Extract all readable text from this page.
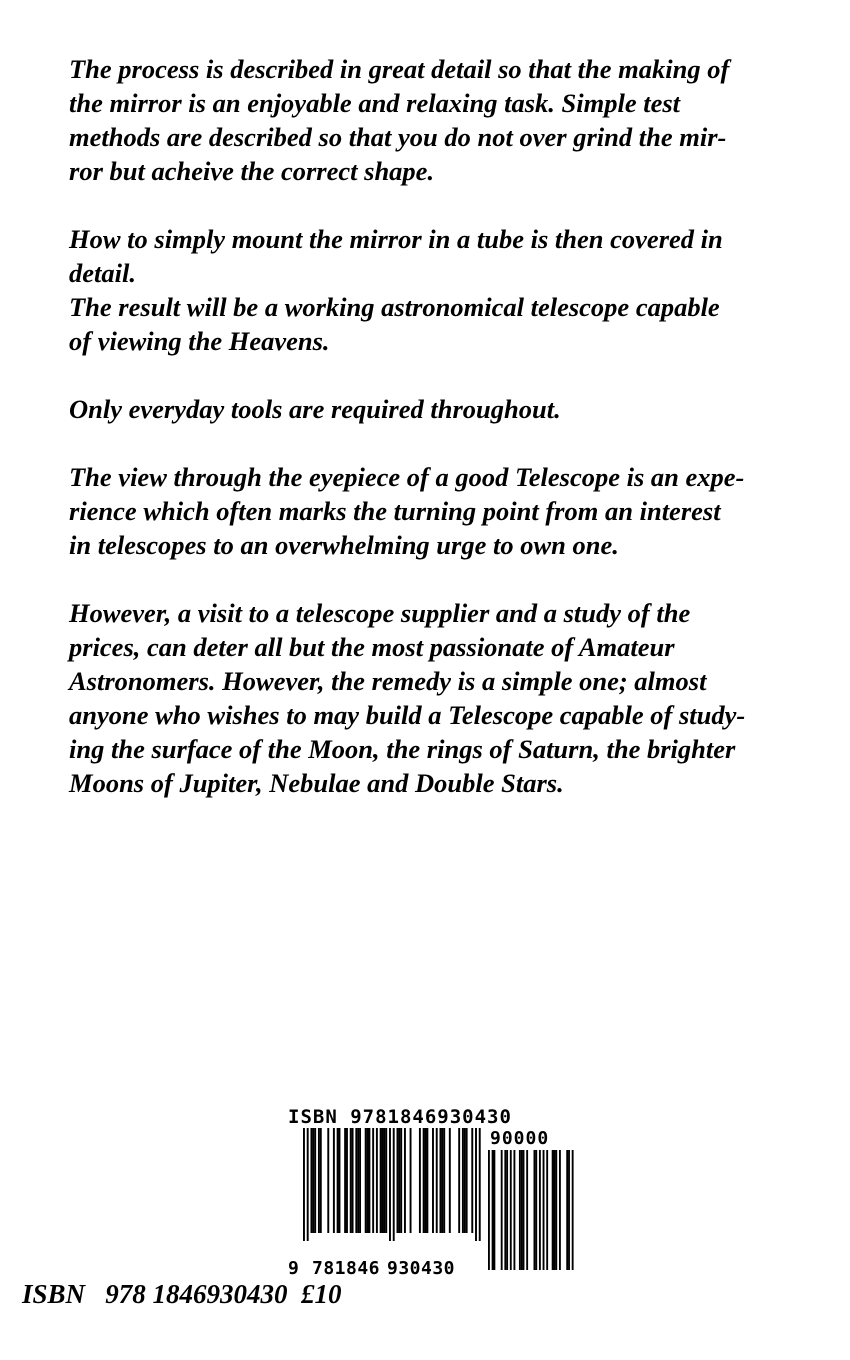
The process is described in great detail so that the making of
the mirror is an enjoyable and relaxing task. Simple test
methods are described so that you do not over grind the mir-
ror but acheive the correct shape.

How to simply mount the mirror in a tube is then covered in
detail.

The result will be a working astronomical telescope capable
of viewing the Heavens.

Only everyday tools are required throughout.

The view through the eyepiece of a good Telescope is an expe-
rience which often marks the turning point from an interest
in telescopes to an overwhelming urge to own one.

However, a visit to a telescope supplier and a study of the
prices, can deter all but the most passionate of Amateur
Astronomers. However, the remedy is a simple one; almost
anyone who wishes to may build a Telescope capable of study-
ing the surface of the Moon, the rings of Saturn, the brighter
Moons of Jupiter, Nebulae and Double Stars.

ISBN 9781846930430
90000
9 781846 930430
ISBN   978 1846930430  £10
